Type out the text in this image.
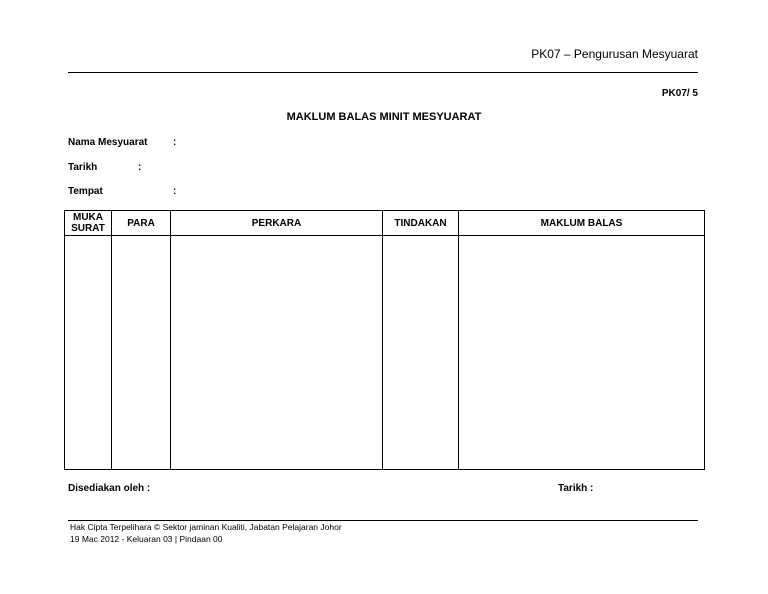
PK07 – Pengurusan Mesyuarat
PK07/ 5
MAKLUM BALAS MINIT MESYUARAT
Nama Mesyuarat	:
Tarikh	:
Tempat	:
MUKA SURAT	PARA	PERKARA	TINDAKAN	MAKLUM BALAS

Disediakan oleh :	Tarikh :
Hak Cipta Terpelihara © Sektor jaminan Kualiti, Jabatan Pelajaran Johor
19 Mac 2012 - Keluaran 03 | Pindaan 00
